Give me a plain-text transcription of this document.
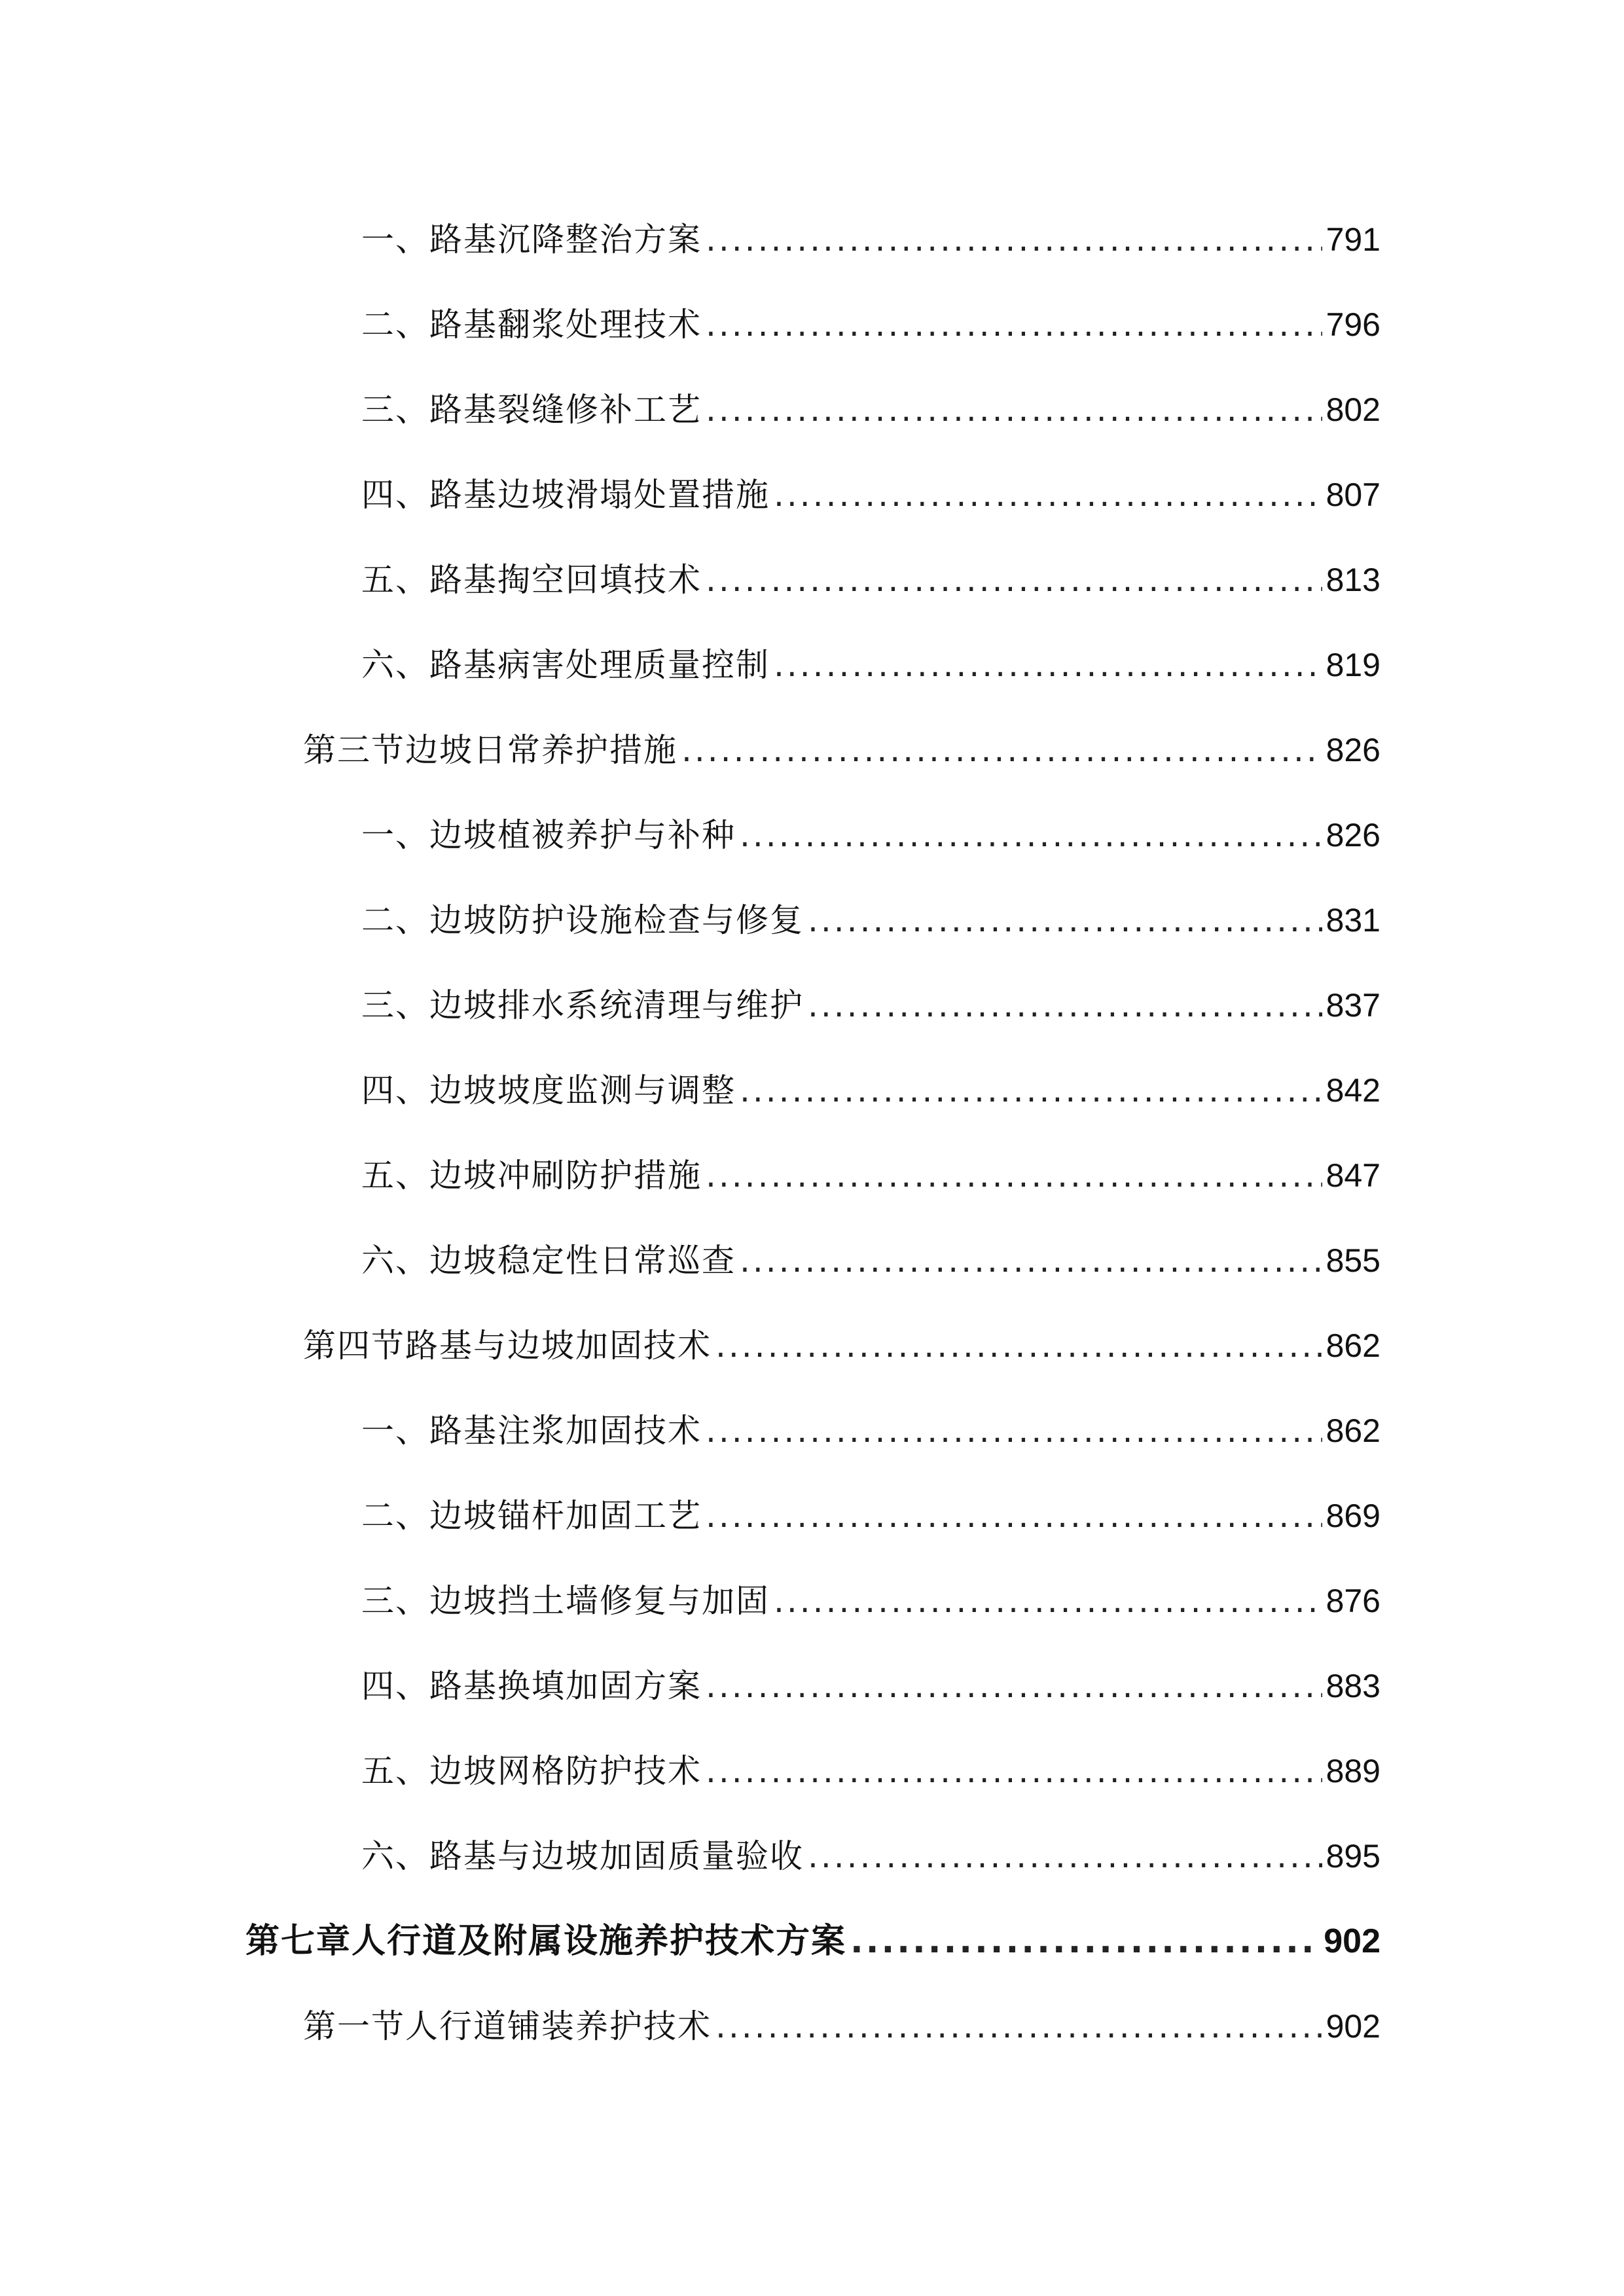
一、路基沉降整治方案 .....	791
二、路基翻浆处理技术 .....	796
三、路基裂缝修补工艺 .....	802
四、路基边坡滑塌处置措施 .....	807
五、路基掏空回填技术 .....	813
六、路基病害处理质量控制 .....	819
第三节边坡日常养护措施 .....	826
一、边坡植被养护与补种 .....	826
二、边坡防护设施检查与修复 .....	831
三、边坡排水系统清理与维护 .....	837
四、边坡坡度监测与调整 .....	842
五、边坡冲刷防护措施 .....	847
六、边坡稳定性日常巡查 .....	855
第四节路基与边坡加固技术 .....	862
一、路基注浆加固技术 .....	862
二、边坡锚杆加固工艺 .....	869
三、边坡挡土墙修复与加固 .....	876
四、路基换填加固方案 .....	883
五、边坡网格防护技术 .....	889
六、路基与边坡加固质量验收 .....	895
第七章人行道及附属设施养护技术方案 .....	902
第一节人行道铺装养护技术 .....	902
